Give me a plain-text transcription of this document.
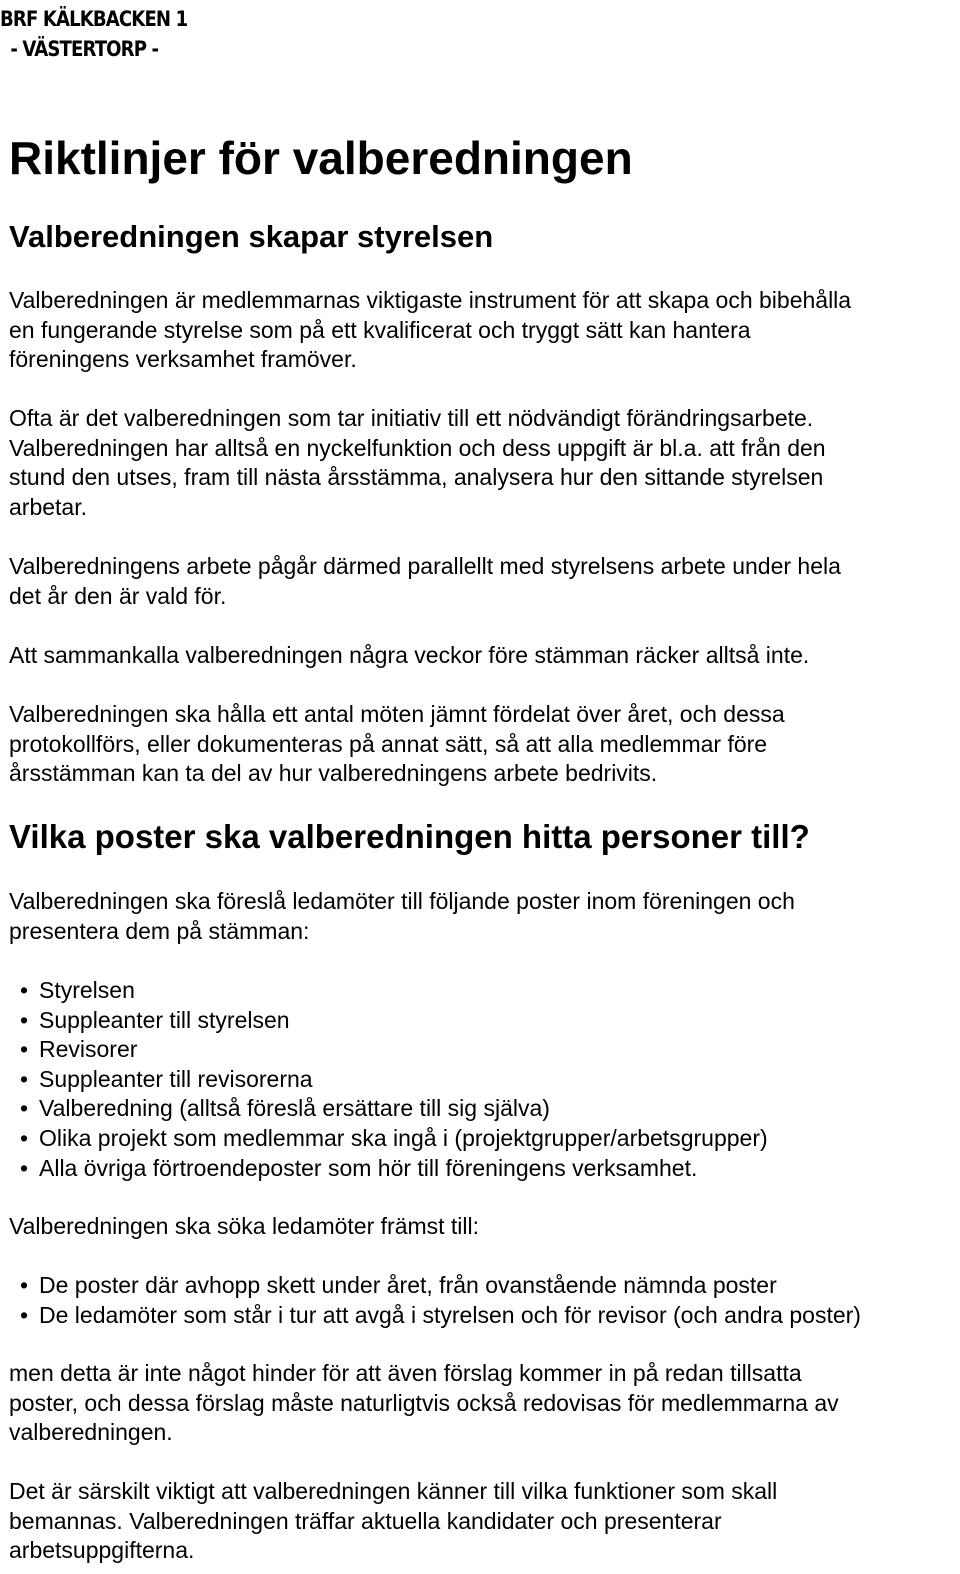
BRF KÄLKBACKEN 1
- VÄSTERTORP -
Riktlinjer för valberedningen
Valberedningen skapar styrelsen
Valberedningen är medlemmarnas viktigaste instrument för att skapa och bibehålla
en fungerande styrelse som på ett kvalificerat och tryggt sätt kan hantera
föreningens verksamhet framöver.
Ofta är det valberedningen som tar initiativ till ett nödvändigt förändringsarbete.
Valberedningen har alltså en nyckelfunktion och dess uppgift är bl.a. att från den
stund den utses, fram till nästa årsstämma, analysera hur den sittande styrelsen
arbetar.
Valberedningens arbete pågår därmed parallellt med styrelsens arbete under hela
det år den är vald för.
Att sammankalla valberedningen några veckor före stämman räcker alltså inte.
Valberedningen ska hålla ett antal möten jämnt fördelat över året, och dessa
protokollförs, eller dokumenteras på annat sätt, så att alla medlemmar före
årsstämman kan ta del av hur valberedningens arbete bedrivits.
Vilka poster ska valberedningen hitta personer till?
Valberedningen ska föreslå ledamöter till följande poster inom föreningen och
presentera dem på stämman:
• Styrelsen
• Suppleanter till styrelsen
• Revisorer
• Suppleanter till revisorerna
• Valberedning (alltså föreslå ersättare till sig själva)
• Olika projekt som medlemmar ska ingå i (projektgrupper/arbetsgrupper)
• Alla övriga förtroendeposter som hör till föreningens verksamhet.
Valberedningen ska söka ledamöter främst till:
• De poster där avhopp skett under året, från ovanstående nämnda poster
• De ledamöter som står i tur att avgå i styrelsen och för revisor (och andra poster)
men detta är inte något hinder för att även förslag kommer in på redan tillsatta
poster, och dessa förslag måste naturligtvis också redovisas för medlemmarna av
valberedningen.
Det är särskilt viktigt att valberedningen känner till vilka funktioner som skall
bemannas. Valberedningen träffar aktuella kandidater och presenterar
arbetsuppgifterna.
